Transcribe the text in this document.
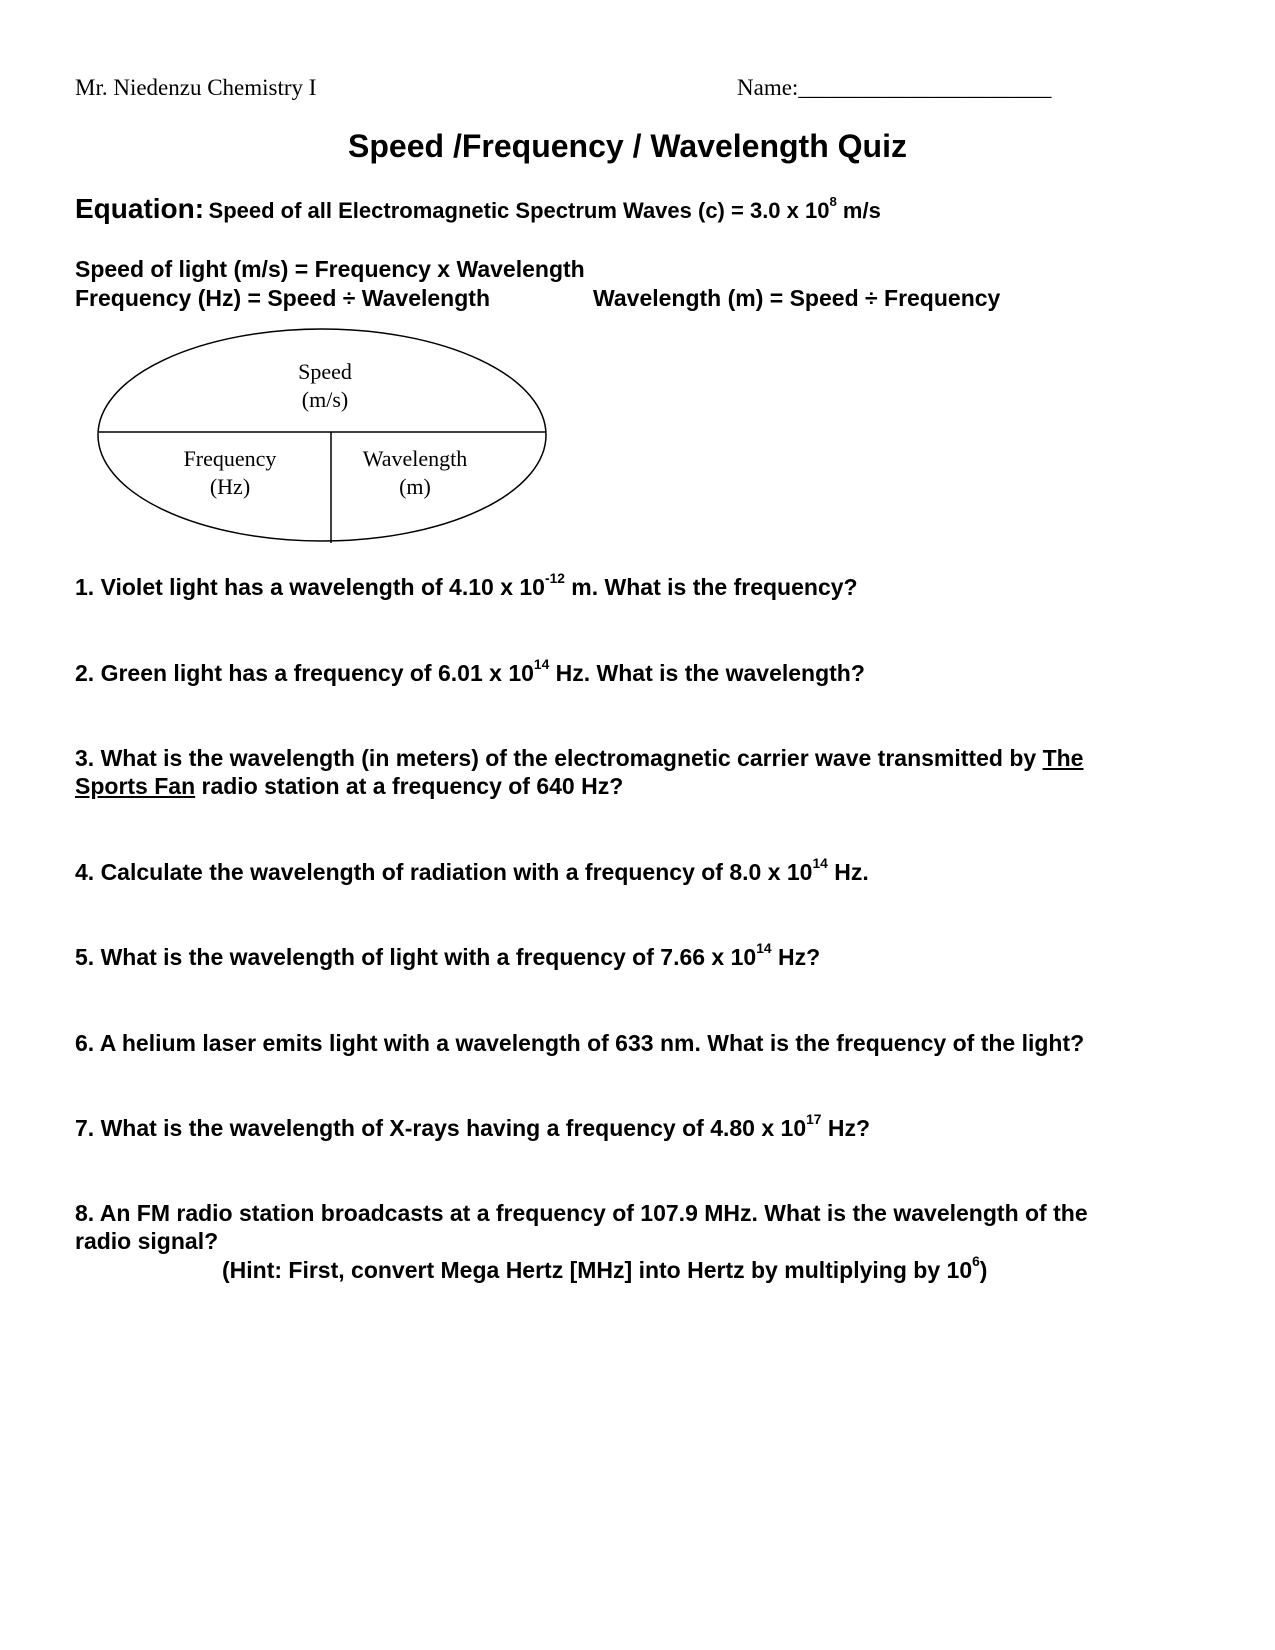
Mr. Niedenzu Chemistry I	Name:______________________
Speed /Frequency / Wavelength Quiz
Equation: Speed of all Electromagnetic Spectrum Waves (c) = 3.0 x $10^8$ m/s
Speed of light (m/s) = Frequency x Wavelength
Frequency (Hz) = Speed ÷ Wavelength	Wavelength (m) = Speed ÷ Frequency
Speed
(m/s)
Frequency
(Hz)
Wavelength
(m)
1. Violet light has a wavelength of 4.10 x $10^{-12}$ m. What is the frequency?
2. Green light has a frequency of 6.01 x $10^{14}$ Hz. What is the wavelength?
3. What is the wavelength (in meters) of the electromagnetic carrier wave transmitted by The
Sports Fan radio station at a frequency of 640 Hz?
4. Calculate the wavelength of radiation with a frequency of 8.0 x $10^{14}$ Hz.
5. What is the wavelength of light with a frequency of 7.66 x $10^{14}$ Hz?
6. A helium laser emits light with a wavelength of 633 nm. What is the frequency of the light?
7. What is the wavelength of X-rays having a frequency of 4.80 x $10^{17}$ Hz?
8. An FM radio station broadcasts at a frequency of 107.9 MHz. What is the wavelength of the
radio signal?
(Hint: First, convert Mega Hertz [MHz] into Hertz by multiplying by $10^6$)
